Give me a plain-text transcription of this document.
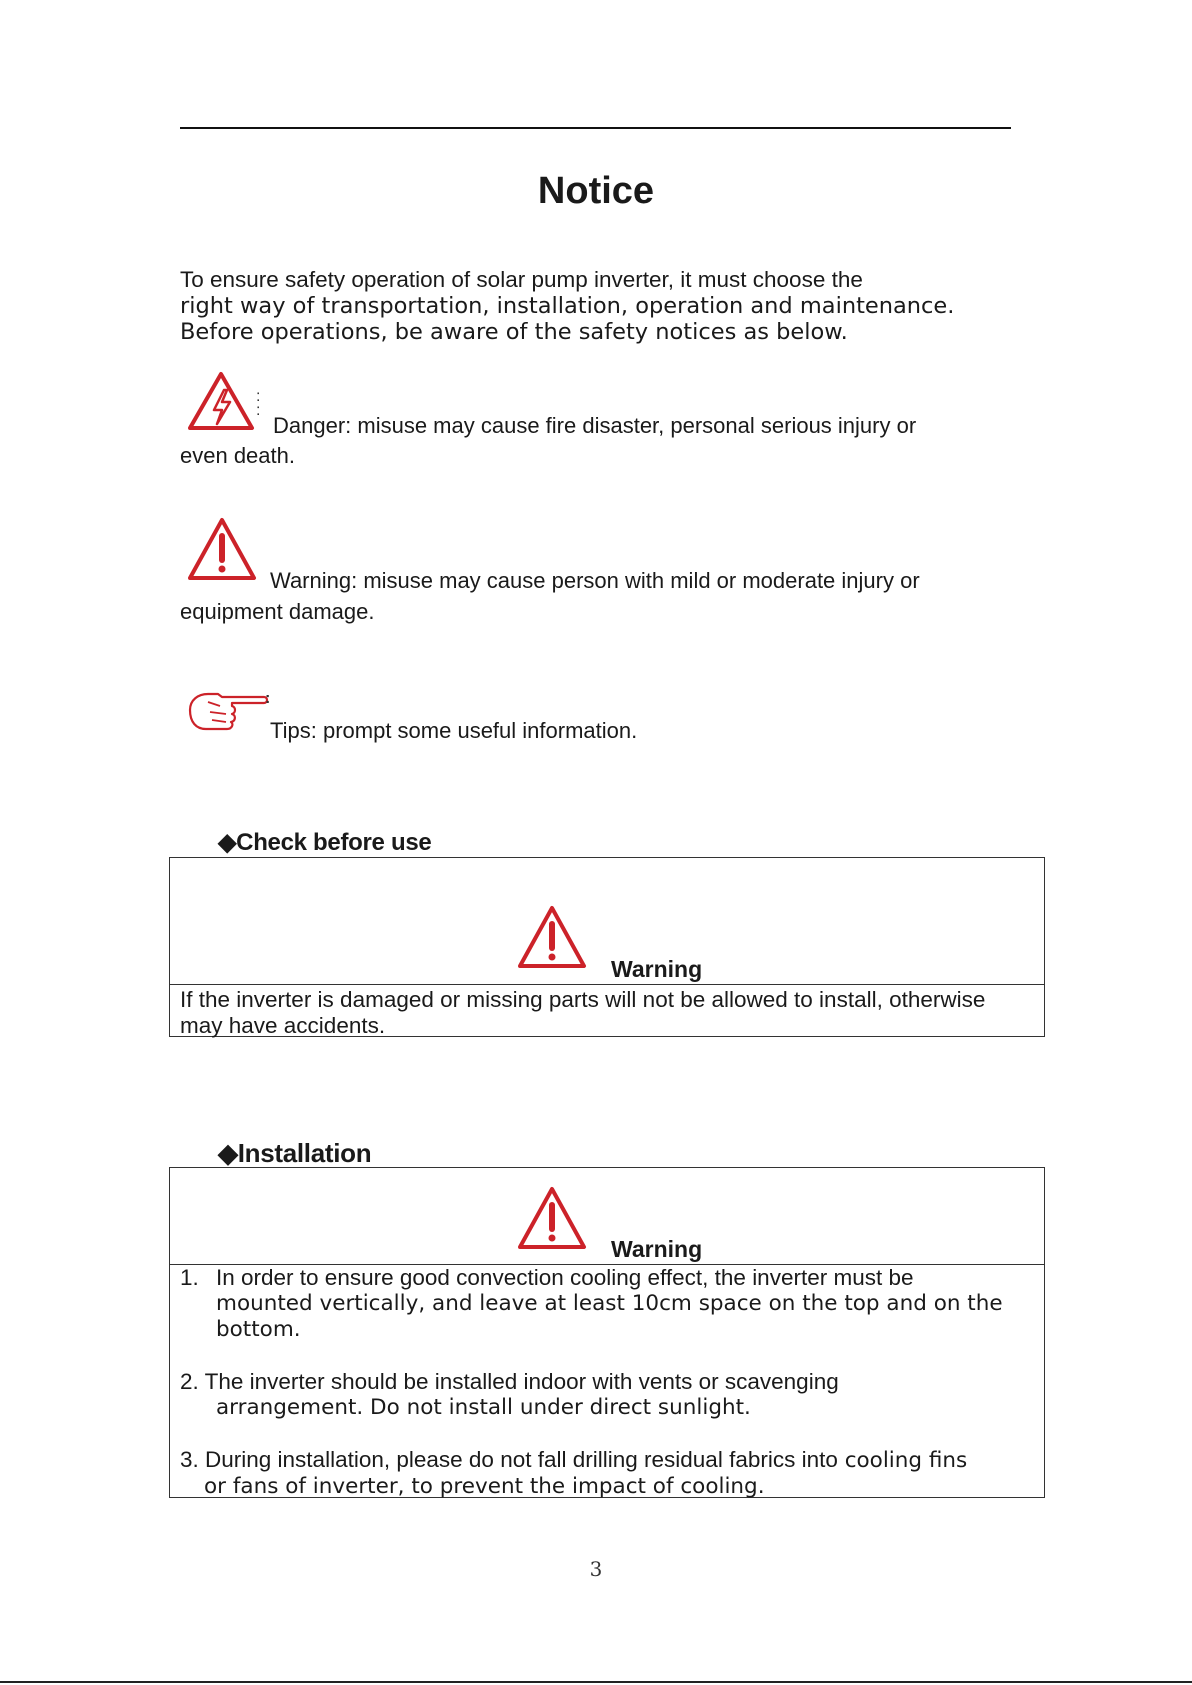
Notice
To ensure safety operation of solar pump inverter, it must choose the
right way of transportation, installation, operation and maintenance.
Before operations, be aware of the safety notices as below.
:
:
Danger: misuse may cause fire disaster, personal serious injury or
even death.
Warning: misuse may cause person with mild or moderate injury or
equipment damage.
:
Tips: prompt some useful information.
◆Check before use
Warning
If the inverter is damaged or missing parts will not be allowed to install, otherwise
may have accidents.
◆Installation
Warning
1. In order to ensure good convection cooling effect, the inverter must be
mounted vertically, and leave at least 10cm space on the top and on the
bottom.
2. The inverter should be installed indoor with vents or scavenging
arrangement. Do not install under direct sunlight.
3. During installation, please do not fall drilling residual fabrics into cooling fins
or fans of inverter, to prevent the impact of cooling.
3
